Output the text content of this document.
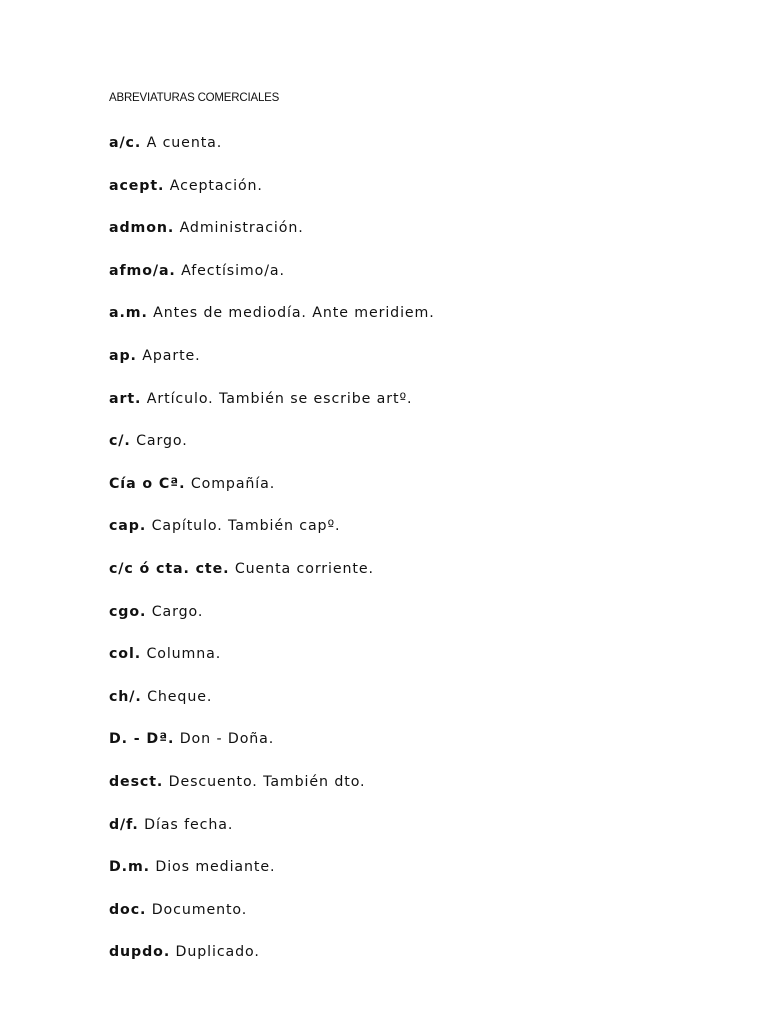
ABREVIATURAS COMERCIALES
a/c. A cuenta.
acept. Aceptación.
admon. Administración.
afmo/a. Afectísimo/a.
a.m. Antes de mediodía. Ante meridiem.
ap. Aparte.
art. Artículo. También se escribe artº.
c/. Cargo.
Cía o Cª. Compañía.
cap. Capítulo. También capº.
c/c ó cta. cte. Cuenta corriente.
cgo. Cargo.
col. Columna.
ch/. Cheque.
D. - Dª. Don - Doña.
desct. Descuento. También dto.
d/f. Días fecha.
D.m. Dios mediante.
doc. Documento.
dupdo. Duplicado.
